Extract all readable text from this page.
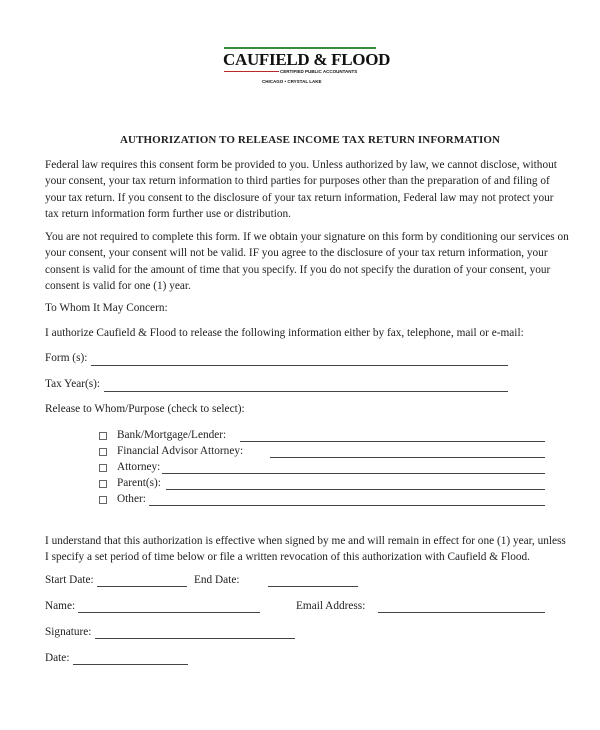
CAUFIELD & FLOOD
CERTIFIED PUBLIC ACCOUNTANTS
CHICAGO • CRYSTAL LAKE
AUTHORIZATION TO RELEASE INCOME TAX RETURN INFORMATION

Federal law requires this consent form be provided to you. Unless authorized by law, we cannot disclose, without

your consent, your tax return information to third parties for purposes other than the preparation of and filing of

your tax return. If you consent to the disclosure of your tax return information, Federal law may not protect your

tax return information form further use or distribution.

You are not required to complete this form. If we obtain your signature on this form by conditioning our services on

your consent, your consent will not be valid. IF you agree to the disclosure of your tax return information, your

consent is valid for the amount of time that you specify. If you do not specify the duration of your consent, your

consent is valid for one (1) year.

To Whom It May Concern:
I authorize Caufield & Flood to release the following information either by fax, telephone, mail or e-mail:
Form (s):
Tax Year(s):
Release to Whom/Purpose (check to select):
Bank/Mortgage/Lender:
Financial Advisor Attorney:
Attorney:
Parent(s):
Other:

I understand that this authorization is effective when signed by me and will remain in effect for one (1) year, unless

I specify a set period of time below or file a written revocation of this authorization with Caufield & Flood.

Start Date:	End Date:
Name:	Email Address:
Signature:
Date:
